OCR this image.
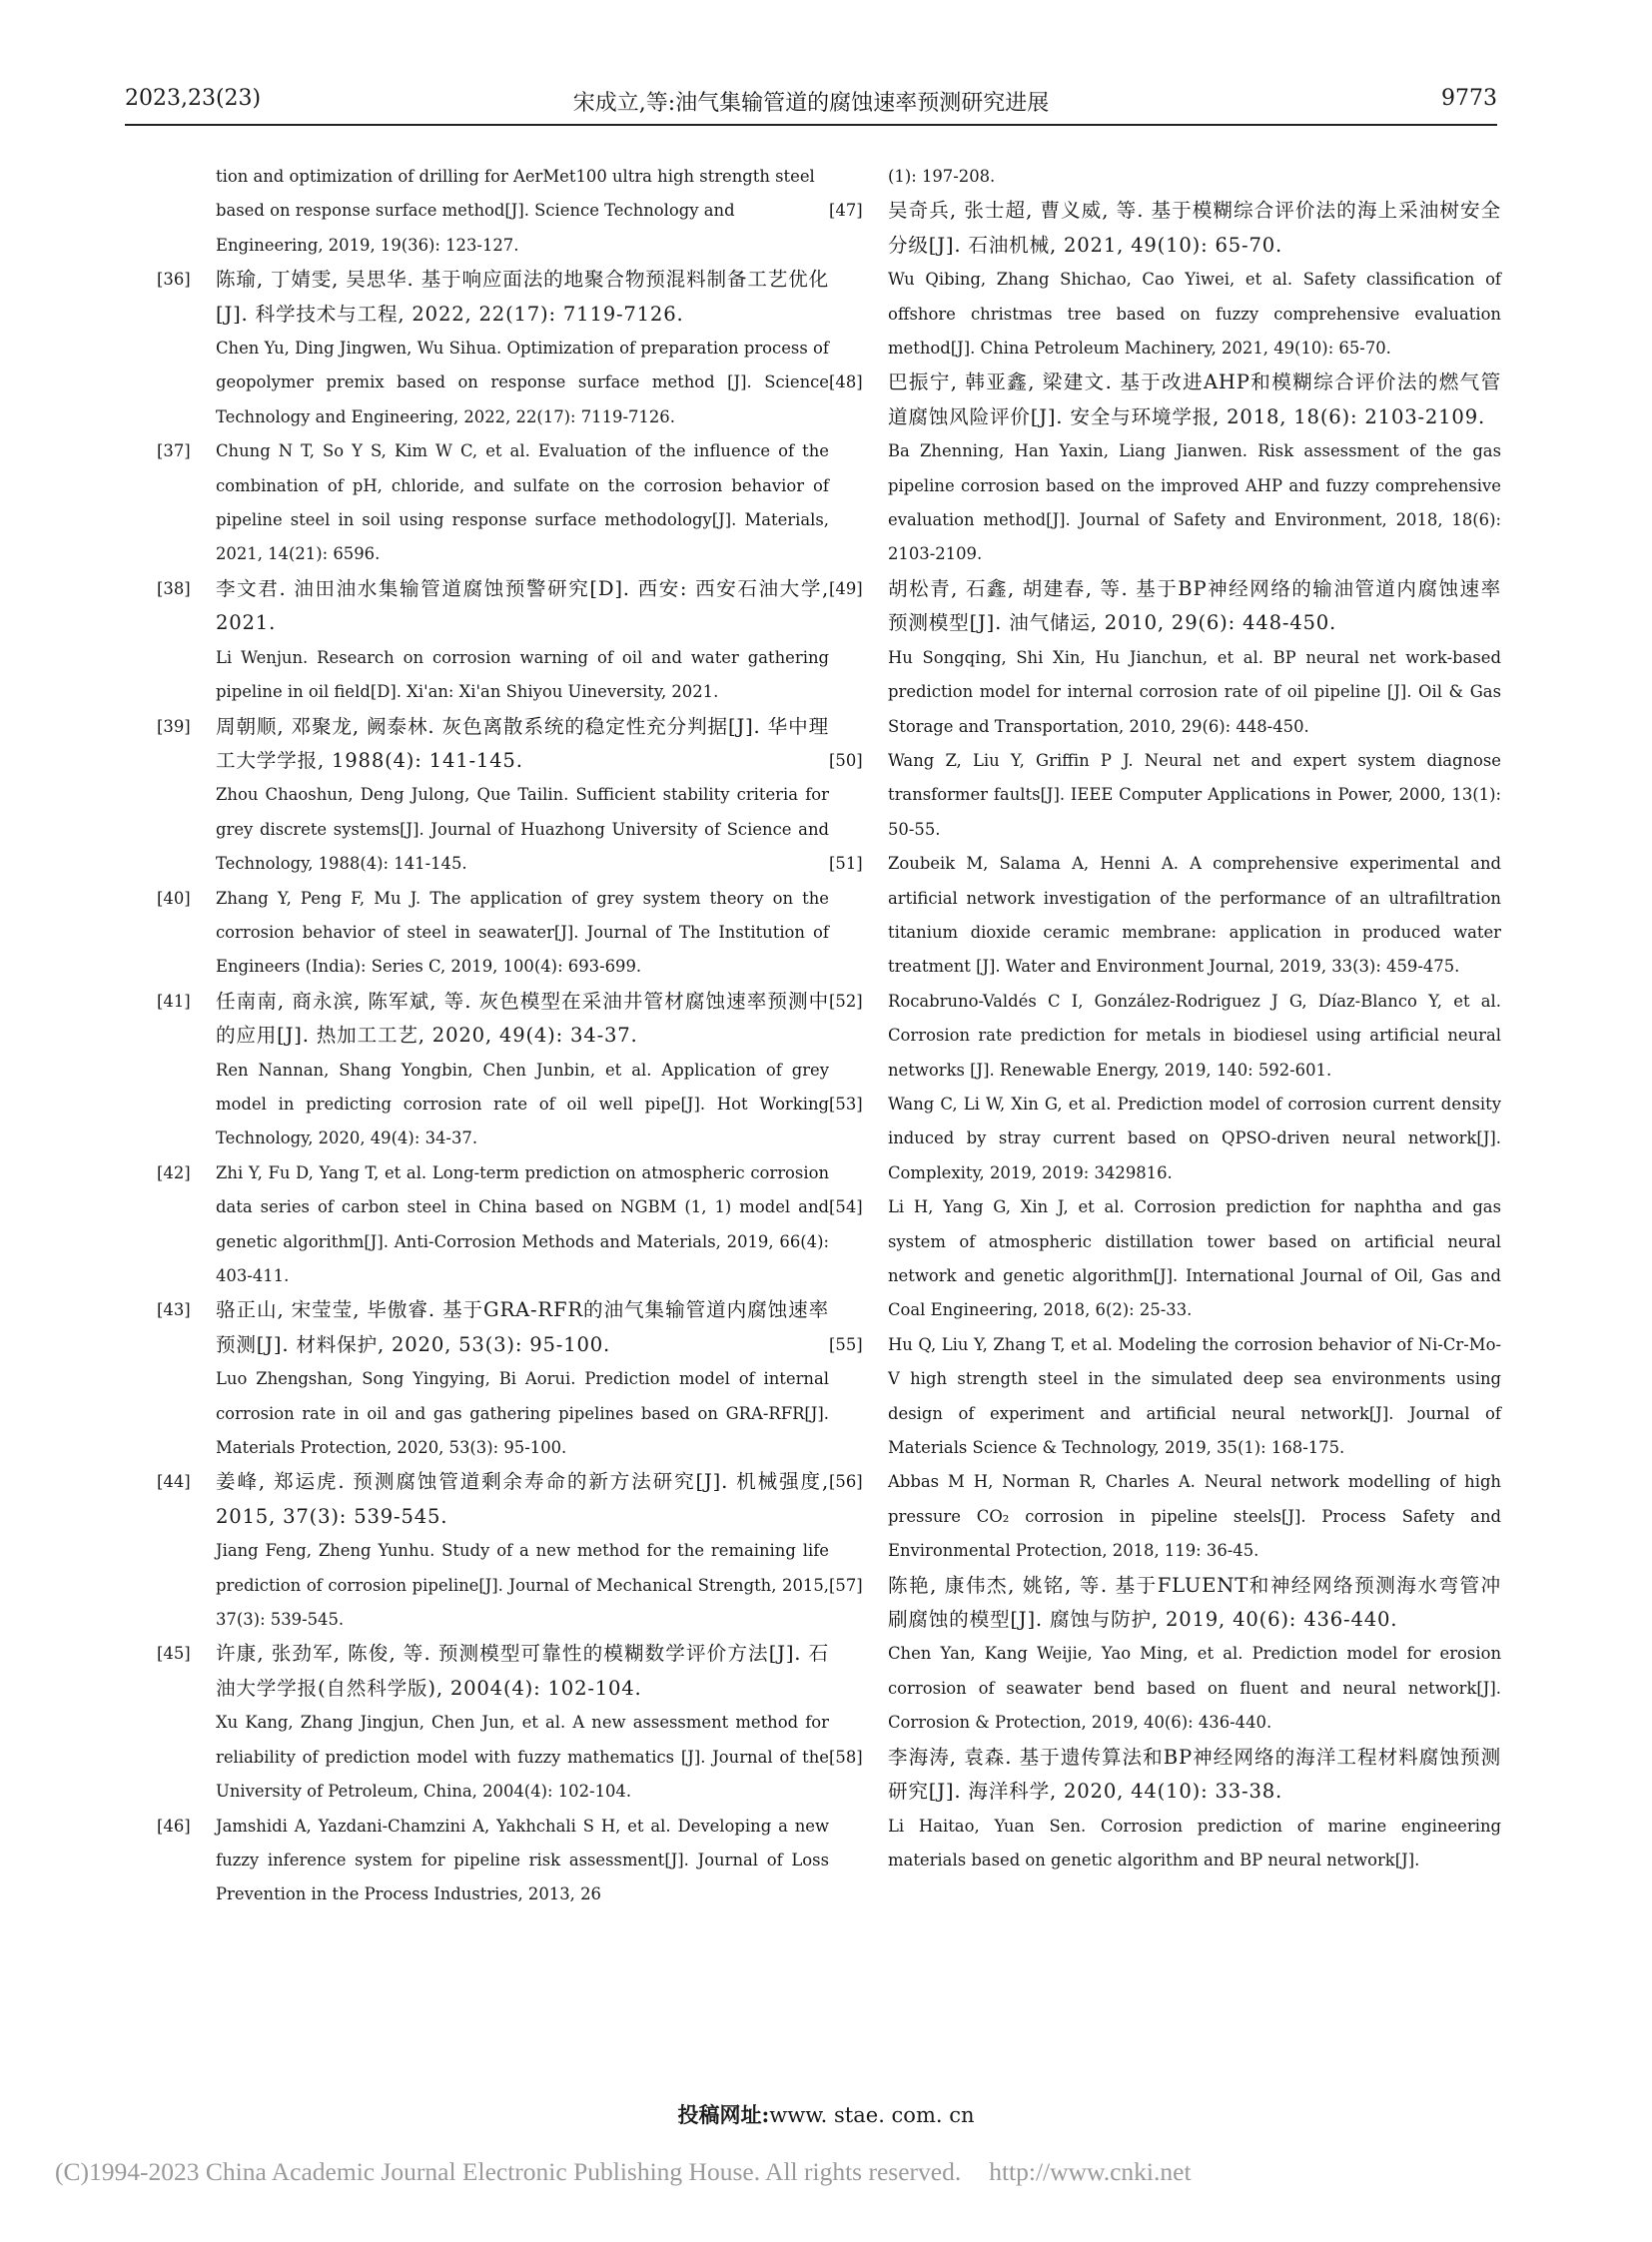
2023,23(23)	宋成立,等:油气集输管道的腐蚀速率预测研究进展	9773
tion and optimization of drilling for AerMet100 ultra high strength steel based on response surface method[J]. Science Technology and Engineering, 2019, 19(36): 123-127.
[36] 陈瑜, 丁婧雯, 吴思华. 基于响应面法的地聚合物预混料制备工艺优化[J]. 科学技术与工程, 2022, 22(17): 7119-7126.
Chen Yu, Ding Jingwen, Wu Sihua. Optimization of preparation process of geopolymer premix based on response surface method [J]. Science Technology and Engineering, 2022, 22(17): 7119-7126.
[37] Chung N T, So Y S, Kim W C, et al. Evaluation of the influence of the combination of pH, chloride, and sulfate on the corrosion behavior of pipeline steel in soil using response surface methodology[J]. Materials, 2021, 14(21): 6596.
[38] 李文君. 油田油水集输管道腐蚀预警研究[D]. 西安: 西安石油大学, 2021.
Li Wenjun. Research on corrosion warning of oil and water gathering pipeline in oil field[D]. Xi'an: Xi'an Shiyou Uineversity, 2021.
[39] 周朝顺, 邓聚龙, 阙泰林. 灰色离散系统的稳定性充分判据[J]. 华中理工大学学报, 1988(4): 141-145.
Zhou Chaoshun, Deng Julong, Que Tailin. Sufficient stability criteria for grey discrete systems[J]. Journal of Huazhong University of Science and Technology, 1988(4): 141-145.
[40] Zhang Y, Peng F, Mu J. The application of grey system theory on the corrosion behavior of steel in seawater[J]. Journal of The Institution of Engineers (India): Series C, 2019, 100(4): 693-699.
[41] 任南南, 商永滨, 陈军斌, 等. 灰色模型在采油井管材腐蚀速率预测中的应用[J]. 热加工工艺, 2020, 49(4): 34-37.
Ren Nannan, Shang Yongbin, Chen Junbin, et al. Application of grey model in predicting corrosion rate of oil well pipe[J]. Hot Working Technology, 2020, 49(4): 34-37.
[42] Zhi Y, Fu D, Yang T, et al. Long-term prediction on atmospheric corrosion data series of carbon steel in China based on NGBM (1, 1) model and genetic algorithm[J]. Anti-Corrosion Methods and Materials, 2019, 66(4): 403-411.
[43] 骆正山, 宋莹莹, 毕傲睿. 基于GRA-RFR的油气集输管道内腐蚀速率预测[J]. 材料保护, 2020, 53(3): 95-100.
Luo Zhengshan, Song Yingying, Bi Aorui. Prediction model of internal corrosion rate in oil and gas gathering pipelines based on GRA-RFR[J]. Materials Protection, 2020, 53(3): 95-100.
[44] 姜峰, 郑运虎. 预测腐蚀管道剩余寿命的新方法研究[J]. 机械强度, 2015, 37(3): 539-545.
Jiang Feng, Zheng Yunhu. Study of a new method for the remaining life prediction of corrosion pipeline[J]. Journal of Mechanical Strength, 2015, 37(3): 539-545.
[45] 许康, 张劲军, 陈俊, 等. 预测模型可靠性的模糊数学评价方法[J]. 石油大学学报(自然科学版), 2004(4): 102-104.
Xu Kang, Zhang Jingjun, Chen Jun, et al. A new assessment method for reliability of prediction model with fuzzy mathematics [J]. Journal of the University of Petroleum, China, 2004(4): 102-104.
[46] Jamshidi A, Yazdani-Chamzini A, Yakhchali S H, et al. Developing a new fuzzy inference system for pipeline risk assessment[J]. Journal of Loss Prevention in the Process Industries, 2013, 26
(1): 197-208.
[47] 吴奇兵, 张士超, 曹义威, 等. 基于模糊综合评价法的海上采油树安全分级[J]. 石油机械, 2021, 49(10): 65-70.
Wu Qibing, Zhang Shichao, Cao Yiwei, et al. Safety classification of offshore christmas tree based on fuzzy comprehensive evaluation method[J]. China Petroleum Machinery, 2021, 49(10): 65-70.
[48] 巴振宁, 韩亚鑫, 梁建文. 基于改进AHP和模糊综合评价法的燃气管道腐蚀风险评价[J]. 安全与环境学报, 2018, 18(6): 2103-2109.
Ba Zhenning, Han Yaxin, Liang Jianwen. Risk assessment of the gas pipeline corrosion based on the improved AHP and fuzzy comprehensive evaluation method[J]. Journal of Safety and Environment, 2018, 18(6): 2103-2109.
[49] 胡松青, 石鑫, 胡建春, 等. 基于BP神经网络的输油管道内腐蚀速率预测模型[J]. 油气储运, 2010, 29(6): 448-450.
Hu Songqing, Shi Xin, Hu Jianchun, et al. BP neural net work-based prediction model for internal corrosion rate of oil pipeline [J]. Oil & Gas Storage and Transportation, 2010, 29(6): 448-450.
[50] Wang Z, Liu Y, Griffin P J. Neural net and expert system diagnose transformer faults[J]. IEEE Computer Applications in Power, 2000, 13(1): 50-55.
[51] Zoubeik M, Salama A, Henni A. A comprehensive experimental and artificial network investigation of the performance of an ultrafiltration titanium dioxide ceramic membrane: application in produced water treatment [J]. Water and Environment Journal, 2019, 33(3): 459-475.
[52] Rocabruno-Valdés C I, González-Rodriguez J G, Díaz-Blanco Y, et al. Corrosion rate prediction for metals in biodiesel using artificial neural networks [J]. Renewable Energy, 2019, 140: 592-601.
[53] Wang C, Li W, Xin G, et al. Prediction model of corrosion current density induced by stray current based on QPSO-driven neural network[J]. Complexity, 2019, 2019: 3429816.
[54] Li H, Yang G, Xin J, et al. Corrosion prediction for naphtha and gas system of atmospheric distillation tower based on artificial neural network and genetic algorithm[J]. International Journal of Oil, Gas and Coal Engineering, 2018, 6(2): 25-33.
[55] Hu Q, Liu Y, Zhang T, et al. Modeling the corrosion behavior of Ni-Cr-Mo-V high strength steel in the simulated deep sea environments using design of experiment and artificial neural network[J]. Journal of Materials Science & Technology, 2019, 35(1): 168-175.
[56] Abbas M H, Norman R, Charles A. Neural network modelling of high pressure CO₂ corrosion in pipeline steels[J]. Process Safety and Environmental Protection, 2018, 119: 36-45.
[57] 陈艳, 康伟杰, 姚铭, 等. 基于FLUENT和神经网络预测海水弯管冲刷腐蚀的模型[J]. 腐蚀与防护, 2019, 40(6): 436-440.
Chen Yan, Kang Weijie, Yao Ming, et al. Prediction model for erosion corrosion of seawater bend based on fluent and neural network[J]. Corrosion & Protection, 2019, 40(6): 436-440.
[58] 李海涛, 袁森. 基于遗传算法和BP神经网络的海洋工程材料腐蚀预测研究[J]. 海洋科学, 2020, 44(10): 33-38.
Li Haitao, Yuan Sen. Corrosion prediction of marine engineering materials based on genetic algorithm and BP neural network[J].
投稿网址:www. stae. com. cn
(C)1994-2023 China Academic Journal Electronic Publishing House. All rights reserved. http://www.cnki.net
